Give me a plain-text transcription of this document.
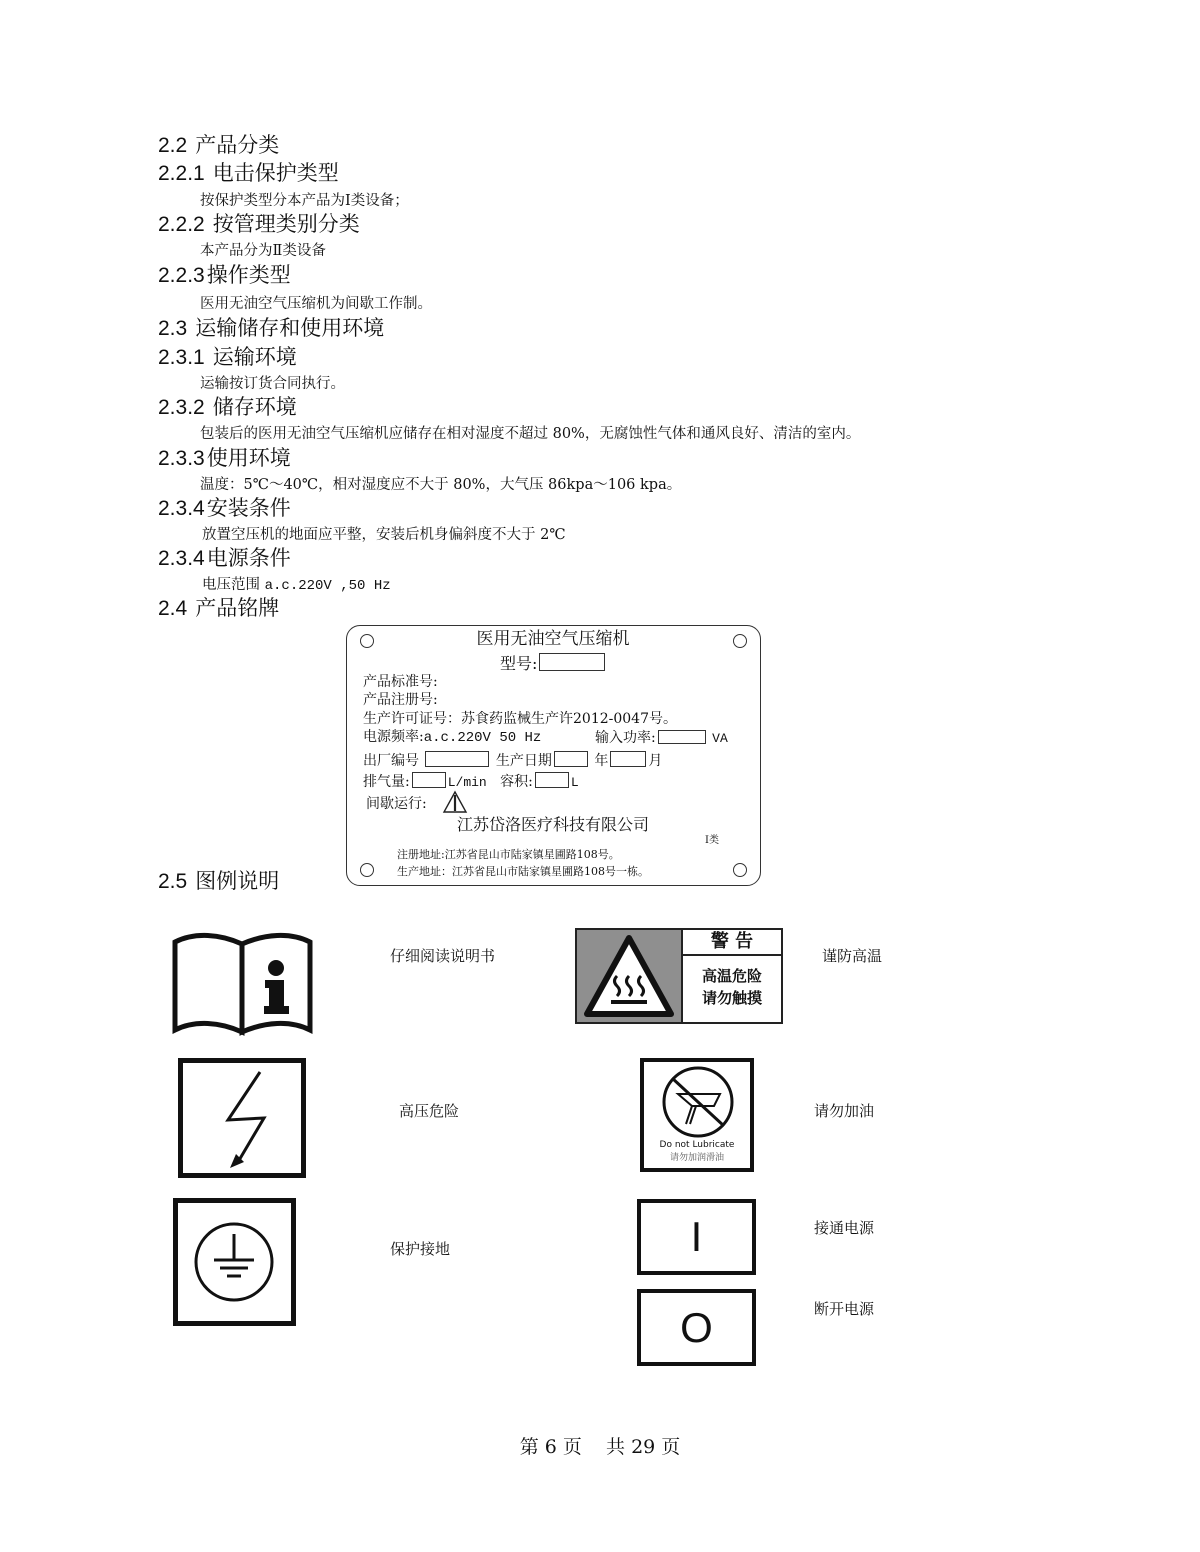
2.2 产品分类
2.2.1 电击保护类型
按保护类型分本产品为Ⅰ类设备；
2.2.2 按管理类别分类
本产品分为Ⅱ类设备
2.2.3操作类型
医用无油空气压缩机为间歇工作制。
2.3 运输储存和使用环境
2.3.1 运输环境
运输按订货合同执行。
2.3.2 储存环境
包装后的医用无油空气压缩机应储存在相对湿度不超过 80%，无腐蚀性气体和通风良好、清洁的室内。
2.3.3使用环境
温度：5℃～40℃，相对湿度应不大于 80%，大气压 86kpa～106 kpa。
2.3.4安装条件
放置空压机的地面应平整，安装后机身偏斜度不大于 2℃
2.3.4电源条件
电压范围 a.c.220V ,50 Hz
2.4 产品铭牌
2.5 图例说明
医用无油空气压缩机
型号:
产品标准号:
产品注册号:
生产许可证号：苏食药监械生产许2012-0047号。
电源频率:a.c.220V 50 Hz	输入功率:	VA
出厂编号	生产日期	年	月
排气量:	L/min 容积:	L
间歇运行:
江苏岱洛医疗科技有限公司
Ⅰ类
注册地址:江苏省昆山市陆家镇星圃路108号。
生产地址：江苏省昆山市陆家镇星圃路108号一栋。
仔细阅读说明书
警 告
高温危险
请勿触摸
谨防高温
高压危险
Do not Lubricate
请勿加润滑油
请勿加油
保护接地	I	接通电源
O	断开电源
第 6 页    共 29 页
